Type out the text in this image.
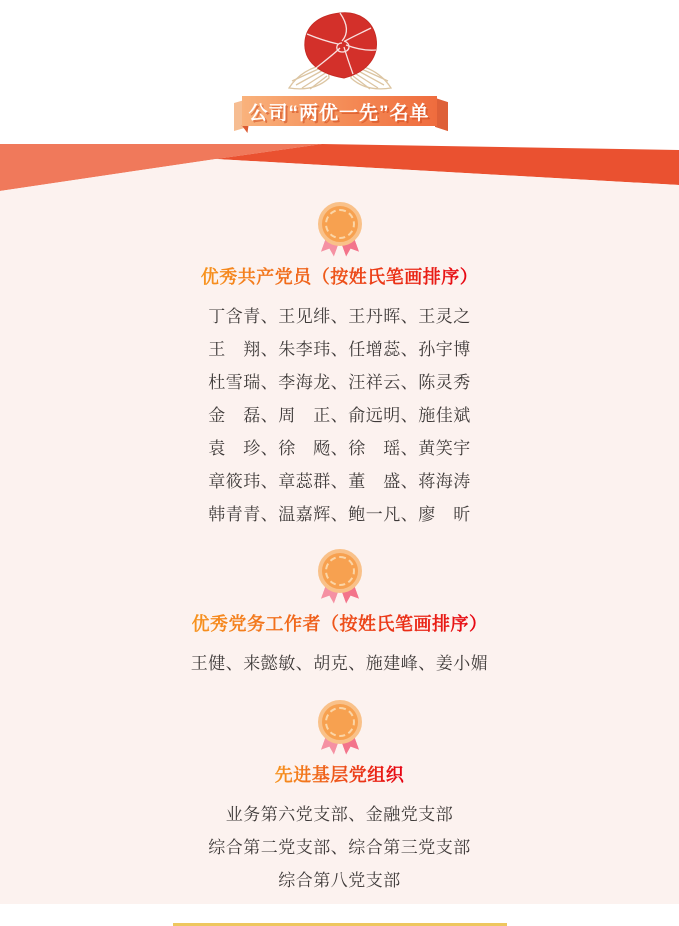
公司“两优一先”名单
优秀共产党员（按姓氏笔画排序）

丁含青、王见绯、王丹晖、王灵之

王　翔、朱李玮、任增蕊、孙宇博

杜雪瑞、李海龙、汪祥云、陈灵秀

金　磊、周　正、俞远明、施佳斌

袁　珍、徐　飏、徐　瑶、黄笑宇

章筱玮、章蕊群、董　盛、蒋海涛

韩青青、温嘉辉、鲍一凡、廖　昕

优秀党务工作者（按姓氏笔画排序）

王健、来懿敏、胡克、施建峰、姜小媚

先进基层党组织

业务第六党支部、金融党支部

综合第二党支部、综合第三党支部

综合第八党支部
